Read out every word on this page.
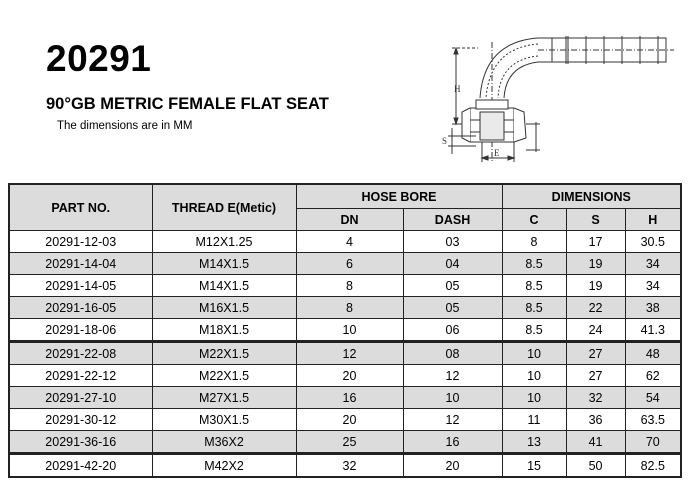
20291
90°GB METRIC FEMALE FLAT SEAT
The dimensions are in MM
H
S
E
PART NO.	THREAD E(Metic)	HOSE BORE		DIMENSIONS		
		DN	DASH	C	S	H
20291-12-03	M12X1.25	4	03	8	17	30.5
20291-14-04	M14X1.5	6	04	8.5	19	34
20291-14-05	M14X1.5	8	05	8.5	19	34
20291-16-05	M16X1.5	8	05	8.5	22	38
20291-18-06	M18X1.5	10	06	8.5	24	41.3
20291-22-08	M22X1.5	12	08	10	27	48
20291-22-12	M22X1.5	20	12	10	27	62
20291-27-10	M27X1.5	16	10	10	32	54
20291-30-12	M30X1.5	20	12	11	36	63.5
20291-36-16	M36X2	25	16	13	41	70
20291-42-20	M42X2	32	20	15	50	82.5
